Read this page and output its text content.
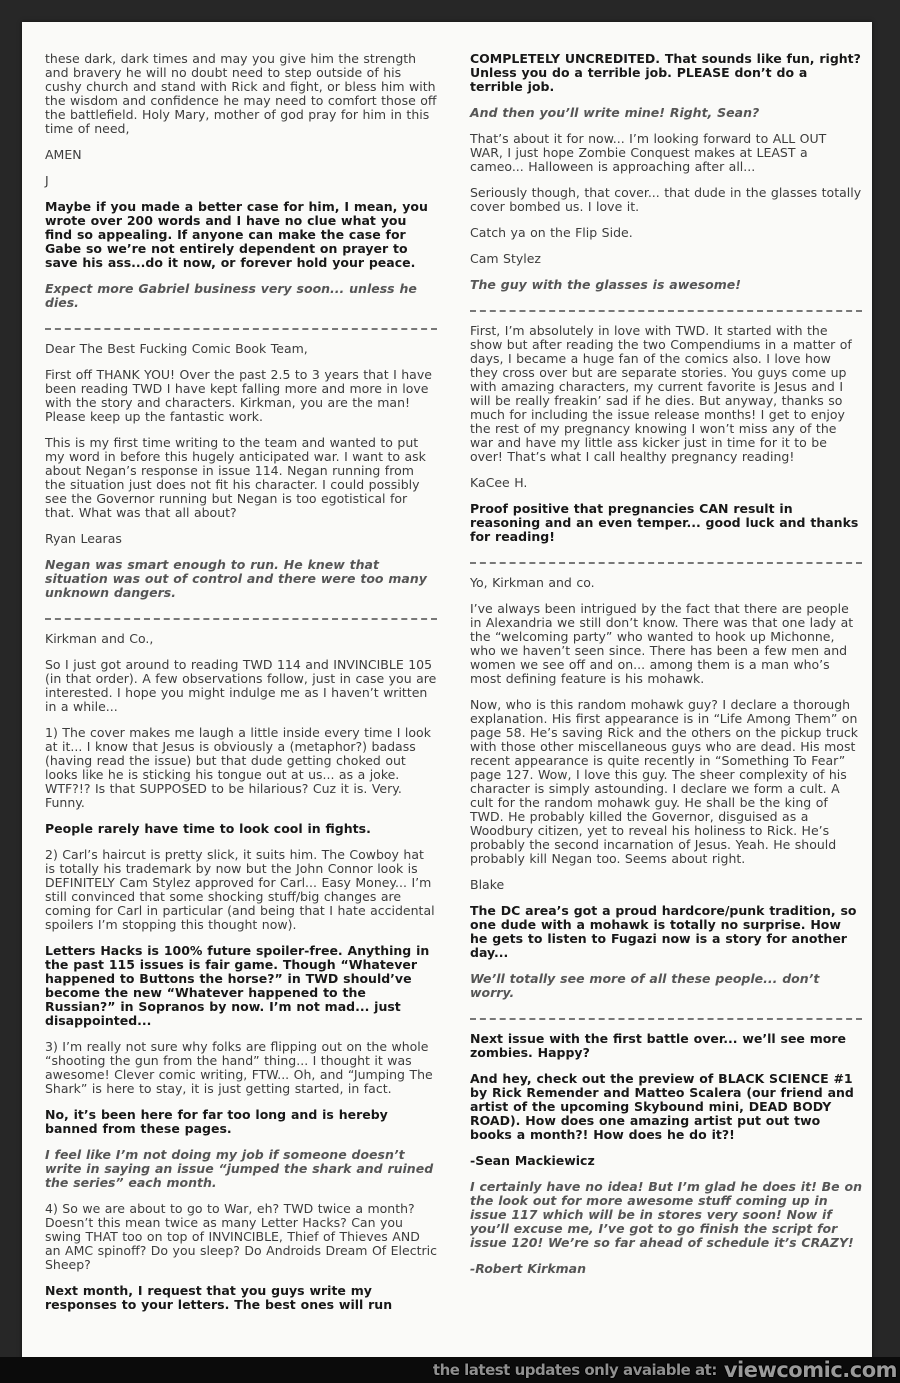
these dark, dark times and may you give him the strength and bravery he will no doubt need to step outside of his cushy church and stand with Rick and fight, or bless him with the wisdom and confidence he may need to comfort those off the battlefield. Holy Mary, mother of god pray for him in this time of need,

AMEN

J

Maybe if you made a better case for him, I mean, you wrote over 200 words and I have no clue what you find so appealing. If anyone can make the case for Gabe so we’re not entirely dependent on prayer to save his ass...do it now, or forever hold your peace.

Expect more Gabriel business very soon... unless he dies.

Dear The Best Fucking Comic Book Team,

First off THANK YOU! Over the past 2.5 to 3 years that I have been reading TWD I have kept falling more and more in love with the story and characters. Kirkman, you are the man! Please keep up the fantastic work.

This is my first time writing to the team and wanted to put my word in before this hugely anticipated war. I want to ask about Negan’s response in issue 114. Negan running from the situation just does not fit his character. I could possibly see the Governor running but Negan is too egotistical for that. What was that all about?

Ryan Learas

Negan was smart enough to run. He knew that situation was out of control and there were too many unknown dangers.

Kirkman and Co.,

So I just got around to reading TWD 114 and INVINCIBLE 105 (in that order). A few observations follow, just in case you are interested. I hope you might indulge me as I haven’t written in a while...

1) The cover makes me laugh a little inside every time I look at it... I know that Jesus is obviously a (metaphor?) badass (having read the issue) but that dude getting choked out looks like he is sticking his tongue out at us... as a joke. WTF?!? Is that SUPPOSED to be hilarious? Cuz it is. Very. Funny.

People rarely have time to look cool in fights.

2) Carl’s haircut is pretty slick, it suits him. The Cowboy hat is totally his trademark by now but the John Connor look is DEFINITELY Cam Stylez approved for Carl... Easy Money... I’m still convinced that some shocking stuff/big changes are coming for Carl in particular (and being that I hate accidental spoilers I’m stopping this thought now).

Letters Hacks is 100% future spoiler-free. Anything in the past 115 issues is fair game. Though “Whatever happened to Buttons the horse?” in TWD should’ve become the new “Whatever happened to the Russian?” in Sopranos by now. I’m not mad... just disappointed...

3) I’m really not sure why folks are flipping out on the whole “shooting the gun from the hand” thing... I thought it was awesome! Clever comic writing, FTW... Oh, and “Jumping The Shark” is here to stay, it is just getting started, in fact.

No, it’s been here for far too long and is hereby banned from these pages.

I feel like I’m not doing my job if someone doesn’t write in saying an issue “jumped the shark and ruined the series” each month.

4) So we are about to go to War, eh? TWD twice a month? Doesn’t this mean twice as many Letter Hacks? Can you swing THAT too on top of INVINCIBLE, Thief of Thieves AND an AMC spinoff? Do you sleep? Do Androids Dream Of Electric Sheep?

Next month, I request that you guys write my responses to your letters. The best ones will run

COMPLETELY UNCREDITED. That sounds like fun, right? Unless you do a terrible job. PLEASE don’t do a terrible job.

And then you’ll write mine! Right, Sean?

That’s about it for now... I’m looking forward to ALL OUT WAR, I just hope Zombie Conquest makes at LEAST a cameo... Halloween is approaching after all...

Seriously though, that cover... that dude in the glasses totally cover bombed us. I love it.

Catch ya on the Flip Side.

Cam Stylez

The guy with the glasses is awesome!

First, I’m absolutely in love with TWD. It started with the show but after reading the two Compendiums in a matter of days, I became a huge fan of the comics also. I love how they cross over but are separate stories. You guys come up with amazing characters, my current favorite is Jesus and I will be really freakin’ sad if he dies. But anyway, thanks so much for including the issue release months! I get to enjoy the rest of my pregnancy knowing I won’t miss any of the war and have my little ass kicker just in time for it to be over! That’s what I call healthy pregnancy reading!

KaCee H.

Proof positive that pregnancies CAN result in reasoning and an even temper... good luck and thanks for reading!

Yo, Kirkman and co.

I’ve always been intrigued by the fact that there are people in Alexandria we still don’t know. There was that one lady at the “welcoming party” who wanted to hook up Michonne, who we haven’t seen since. There has been a few men and women we see off and on... among them is a man who’s most defining feature is his mohawk.

Now, who is this random mohawk guy? I declare a thorough explanation. His first appearance is in “Life Among Them” on page 58. He’s saving Rick and the others on the pickup truck with those other miscellaneous guys who are dead. His most recent appearance is quite recently in “Something To Fear” page 127. Wow, I love this guy. The sheer complexity of his character is simply astounding. I declare we form a cult. A cult for the random mohawk guy. He shall be the king of TWD. He probably killed the Governor, disguised as a Woodbury citizen, yet to reveal his holiness to Rick. He’s probably the second incarnation of Jesus. Yeah. He should probably kill Negan too. Seems about right.

Blake

The DC area’s got a proud hardcore/punk tradition, so one dude with a mohawk is totally no surprise. How he gets to listen to Fugazi now is a story for another day...

We’ll totally see more of all these people... don’t worry.

Next issue with the first battle over... we’ll see more zombies. Happy?

And hey, check out the preview of BLACK SCIENCE #1 by Rick Remender and Matteo Scalera (our friend and artist of the upcoming Skybound mini, DEAD BODY ROAD). How does one amazing artist put out two books a month?! How does he do it?!

-Sean Mackiewicz

I certainly have no idea! But I’m glad he does it! Be on the look out for more awesome stuff coming up in issue 117 which will be in stores very soon! Now if you’ll excuse me, I’ve got to go finish the script for issue 120! We’re so far ahead of schedule it’s CRAZY!

-Robert Kirkman

the latest updates only avaiable at: viewcomic.com
